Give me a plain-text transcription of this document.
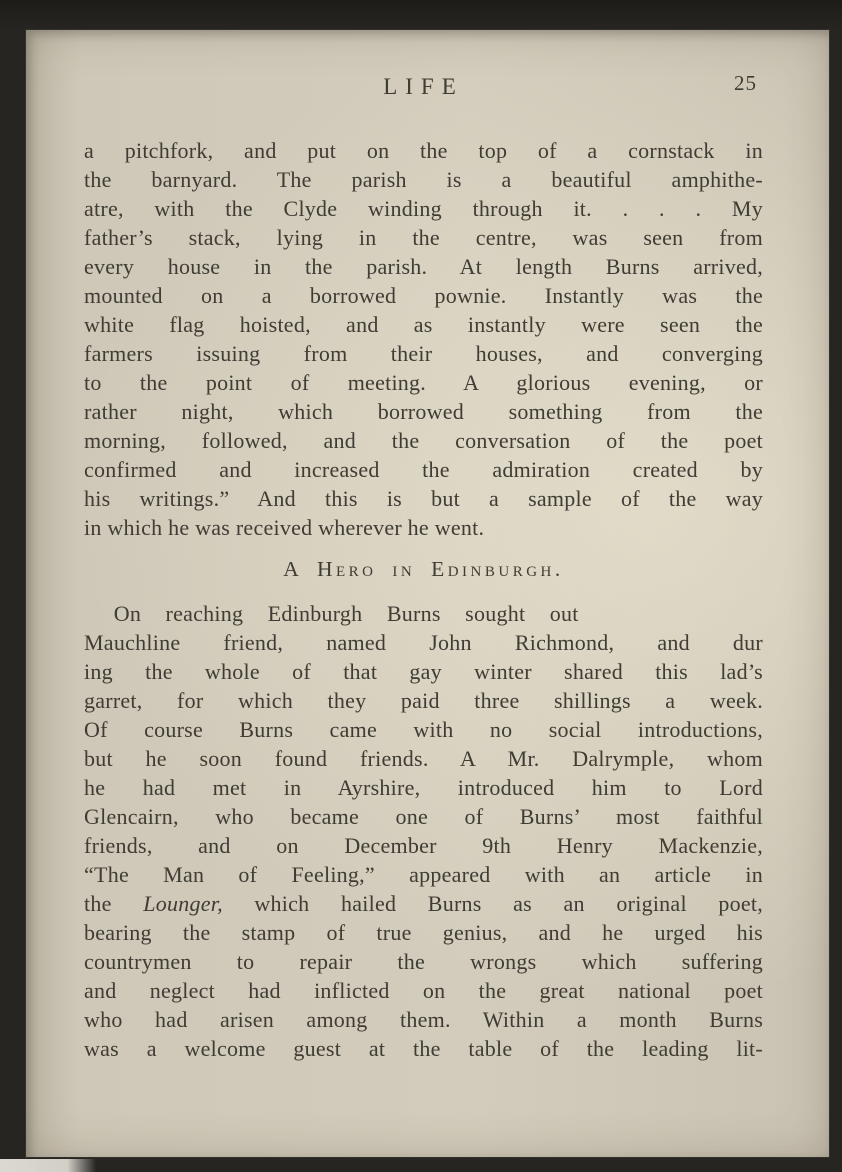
LIFE	25
a pitchfork, and put on the top of a cornstack in
the barnyard. The parish is a beautiful amphithe-
atre, with the Clyde winding through it. . . . My
father’s stack, lying in the centre, was seen from
every house in the parish. At length Burns arrived,
mounted on a borrowed pownie. Instantly was the
white flag hoisted, and as instantly were seen the
farmers issuing from their houses, and converging
to the point of meeting. A glorious evening, or
rather night, which borrowed something from the
morning, followed, and the conversation of the poet
confirmed and increased the admiration created by
his writings.” And this is but a sample of the way
in which he was received wherever he went.
A Hero in Edinburgh.
On reaching Edinburgh Burns sought out
Mauchline friend, named John Richmond, and dur
ing the whole of that gay winter shared this lad’s
garret, for which they paid three shillings a week.
Of course Burns came with no social introductions,
but he soon found friends. A Mr. Dalrymple, whom
he had met in Ayrshire, introduced him to Lord
Glencairn, who became one of Burns’ most faithful
friends, and on December 9th Henry Mackenzie,
“The Man of Feeling,” appeared with an article in
the Lounger, which hailed Burns as an original poet,
bearing the stamp of true genius, and he urged his
countrymen to repair the wrongs which suffering
and neglect had inflicted on the great national poet
who had arisen among them. Within a month Burns
was a welcome guest at the table of the leading lit-
